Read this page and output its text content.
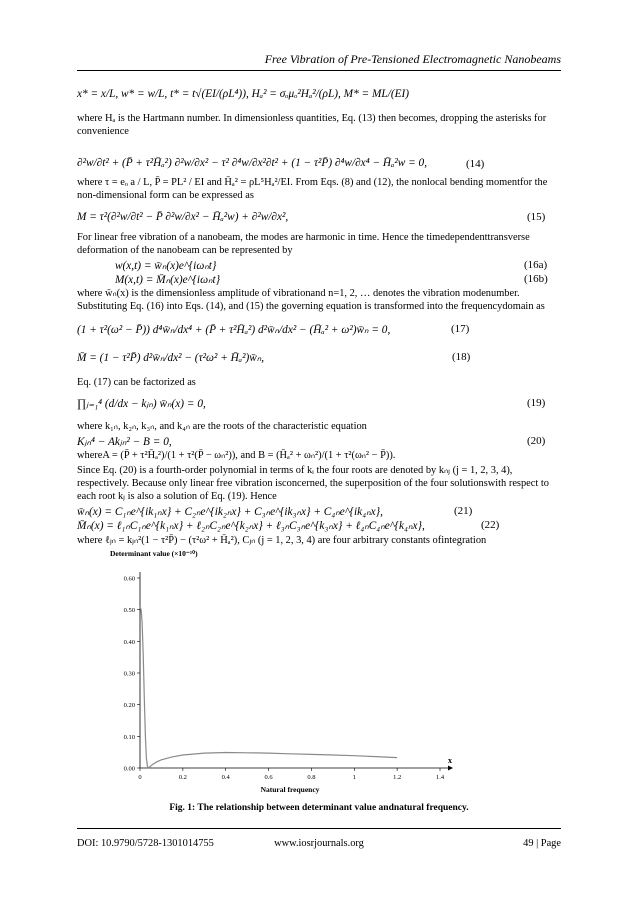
Free Vibration of Pre-Tensioned Electromagnetic Nanobeams
x* = x/L, w* = w/L, t* = t√(EI/(ρL⁴)), Hₐ² = σₒμₒ²Hₐ²/(ρL), M* = ML/(EI)
where Hₐ is the Hartmann number. In dimensionless quantities, Eq. (13) then becomes, dropping the asterisks for convenience
∂²w/∂t² + (P̄ + τ²H̄ₐ²) ∂²w/∂x² − τ² ∂⁴w/∂x²∂t² + (1 − τ²P̄) ∂⁴w/∂x⁴ − H̄ₐ²w = 0,	(14)
where τ = eₒ a / L, P̄ = PL² / EI and H̄ₐ² = ρL⁵Hₐ²/EI. From Eqs. (8) and (12), the nonlocal bending momentfor the non-dimensional form can be expressed as
M = τ²(∂²w/∂t² − P̄ ∂²w/∂x² − H̄ₐ²w) + ∂²w/∂x²,	(15)
For linear free vibration of a nanobeam, the modes are harmonic in time. Hence the timedependenttransverse deformation of the nanobeam can be represented by
w(x,t) = w̄ₙ(x)e^{iωₙt}	(16a)
M(x,t) = M̄ₙ(x)e^{iωₙt}	(16b)
where w̄ₙ(x) is the dimensionless amplitude of vibrationand n=1, 2, … denotes the vibration modenumber. Substituting Eq. (16) into Eqs. (14), and (15) the governing equation is transformed into the frequencydomain as
(1 + τ²(ω² − P̄)) d⁴w̄ₙ/dx⁴ + (P̄ + τ²H̄ₐ²) d²w̄ₙ/dx² − (H̄ₐ² + ω²)w̄ₙ = 0,	(17)
M̄ = (1 − τ²P̄) d²w̄ₙ/dx² − (τ²ω² + H̄ₐ²)w̄ₙ,	(18)
Eq. (17) can be factorized as
∏ⱼ₌₁⁴ (d/dx − kⱼₙ) w̄ₙ(x) = 0,	(19)
where k₁ₙ, k₂ₙ, k₃ₙ, and k₄ₙ are the roots of the characteristic equation
Kⱼₙ⁴ − Akⱼₙ² − B = 0,	(20)
whereA = (P̄ + τ²H̄ₐ²)/(1 + τ²(P̄ − ωₙ²)), and B = (H̄ₐ² + ωₙ²)/(1 + τ²(ωₙ² − P̄)).
Since Eq. (20) is a fourth-order polynomial in terms of kᵢ the four roots are denoted by kₙⱼ (j = 1, 2, 3, 4), respectively. Because only linear free vibration isconcerned, the superposition of the four solutionswith respect to each root kⱼ is also a solution of Eq. (19). Hence
w̄ₙ(x) = C₁ₙe^{ik₁ₙx} + C₂ₙe^{ik₂ₙx} + C₃ₙe^{ik₃ₙx} + C₄ₙe^{ik₄ₙx},	(21)
M̄ₙ(x) = ℓ₁ₙC₁ₙe^{k₁ₙx} + ℓ₂ₙC₂ₙe^{k₂ₙx} + ℓ₃ₙC₃ₙe^{k₃ₙx} + ℓ₄ₙC₄ₙe^{k₄ₙx},	(22)
where ℓⱼₙ = kⱼₙ²(1 − τ²P̄) − (τ²ω² + H̄ₐ²), Cⱼₙ (j = 1, 2, 3, 4) are four arbitrary constants ofintegration
Determinant value (×10⁻¹⁰)
x
0.00
0.10
0.20
0.30
0.40
0.50
0.60
0	0.2	0.4	0.6	0.8	1	1.2	1.4
Natural frequency
Fig. 1: The relationship between determinant value andnatural frequency.
DOI: 10.9790/5728-1301014755	www.iosrjournals.org	49 | Page
